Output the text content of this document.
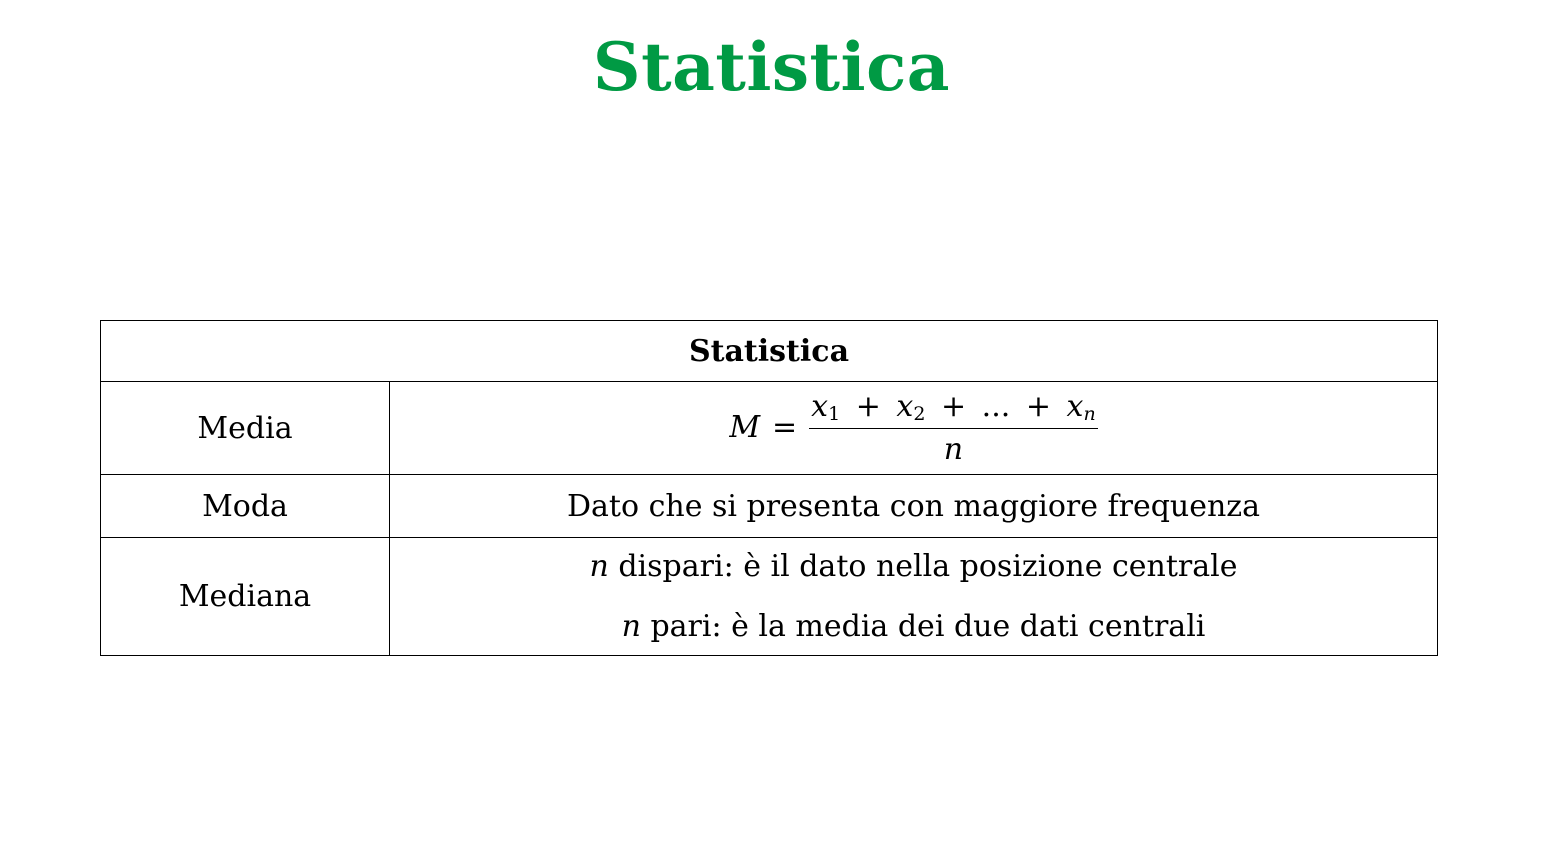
Statistica
Statistica	
Media	M =
$x_1 + x_2$ + ... + $x_n$
n

Moda	Dato che si presenta con maggiore frequenza
Mediana	n dispari: è il dato nella posizione centrale
n pari: è la media dei due dati centrali
